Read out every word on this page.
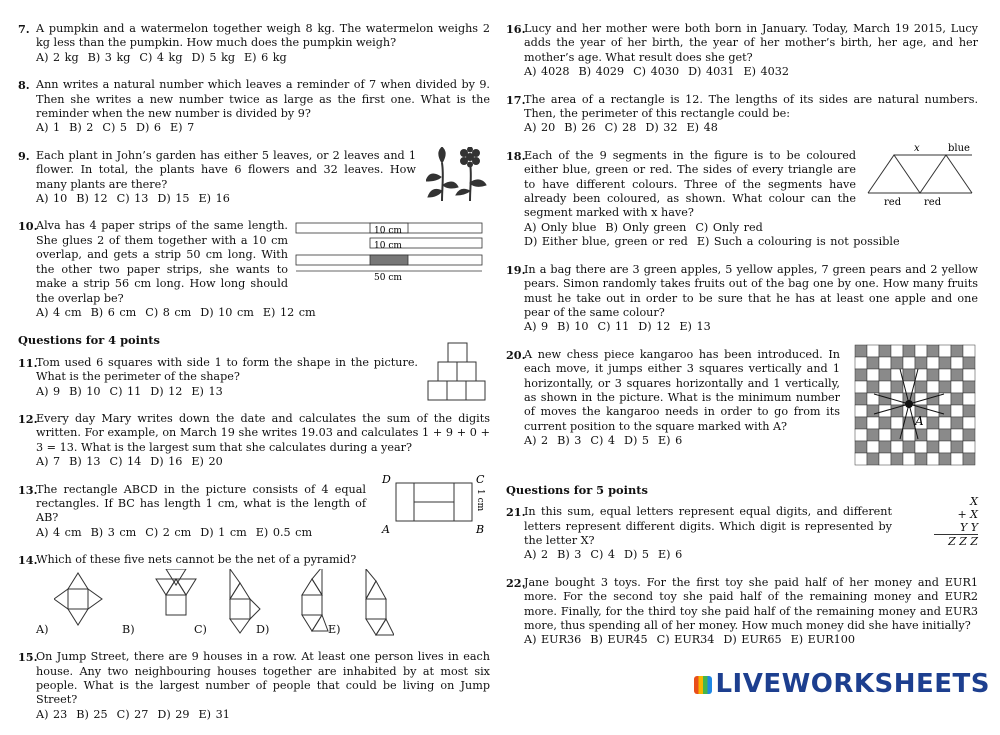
7. A pumpkin and a watermelon together weigh 8 kg. The watermelon weighs 2 kg less than the pumpkin. How much does the pumpkin weigh?
A) 2 kg B) 3 kg C) 4 kg D) 5 kg E) 6 kg
8. Ann writes a natural number which leaves a reminder of 7 when divided by 9. Then she writes a new number twice as large as the first one. What is the reminder when the new number is divided by 9?
A) 1 B) 2 C) 5 D) 6 E) 7
9. Each plant in John’s garden has either 5 leaves, or 2 leaves and 1 flower. In total, the plants have 6 flowers and 32 leaves. How many plants are there?
A) 10 B) 12 C) 13 D) 15 E) 16
10.
Alva has 4 paper strips of the same length. She glues 2 of them together with a 10 cm overlap, and gets a strip 50 cm long. With the other two paper strips, she wants to make a strip 56 cm long. How long should the overlap be?
A) 4 cm B) 6 cm C) 8 cm D) 10 cm E) 12 cm
10 cm
10 cm
50 cm
Questions for 4 points
11.
Tom used 6 squares with side 1 to form the shape in the picture. What is the perimeter of the shape?
A) 9 B) 10 C) 11 D) 12 E) 13
12.
Every day Mary writes down the date and calculates the sum of the digits written. For example, on March 19 she writes 19.03 and calculates 1 + 9 + 0 + 3 = 13. What is the largest sum that she calculates during a year?
A) 7 B) 13 C) 14 D) 16 E) 20
13.
The rectangle ABCD in the picture consists of 4 equal rectangles. If BC has length 1 cm, what is the length of AB?
A) 4 cm B) 3 cm C) 2 cm D) 1 cm E) 0.5 cm
D	C
A	B
1 cm
14.
Which of these five nets cannot be the net of a pyramid?
A)	B)	C)	D)	E)
15.
On Jump Street, there are 9 houses in a row. At least one person lives in each house. Any two neighbouring houses together are inhabited by at most six people. What is the largest number of people that could be living on Jump Street?
A) 23 B) 25 C) 27 D) 29 E) 31
16.
Lucy and her mother were both born in January. Today, March 19 2015, Lucy adds the year of her birth, the year of her mother’s birth, her age, and her mother’s age. What result does she get?
A) 4028 B) 4029 C) 4030 D) 4031 E) 4032
17.
The area of a rectangle is 12. The lengths of its sides are natural numbers. Then, the perimeter of this rectangle could be:
A) 20 B) 26 C) 28 D) 32 E) 48
18.
Each of the 9 segments in the figure is to be coloured either blue, green or red. The sides of every triangle are to have different colours. Three of the segments have already been coloured, as shown. What colour can the segment marked with x have?
A) Only blue B) Only green C) Only red
D) Either blue, green or red E) Such a colouring is not possible
x	blue
red red
19.
In a bag there are 3 green apples, 5 yellow apples, 7 green pears and 2 yellow pears. Simon randomly takes fruits out of the bag one by one. How many fruits must he take out in order to be sure that he has at least one apple and one pear of the same colour?
A) 9 B) 10 C) 11 D) 12 E) 13
20.
A new chess piece kangaroo has been introduced. In each move, it jumps either 3 squares vertically and 1 horizontally, or 3 squares horizontally and 1 vertically, as shown in the picture. What is the minimum number of moves the kangaroo needs in order to go from its current position to the square marked with A?
A) 2 B) 3 C) 4 D) 5 E) 6
A
Questions for 5 points
21.
In this sum, equal letters represent equal digits, and different letters represent different digits. Which digit is represented by the letter X?
A) 2 B) 3 C) 4 D) 5 E) 6
X
+ X
Y Y
Z Z Z
22.
Jane bought 3 toys. For the first toy she paid half of her money and EUR1 more. For the second toy she paid half of the remaining money and EUR2 more. Finally, for the third toy she paid half of the remaining money and EUR3 more, thus spending all of her money. How much money did she have initially?
A) EUR36 B) EUR45 C) EUR34 D) EUR65 E) EUR100
LIVEWORKSHEETS
